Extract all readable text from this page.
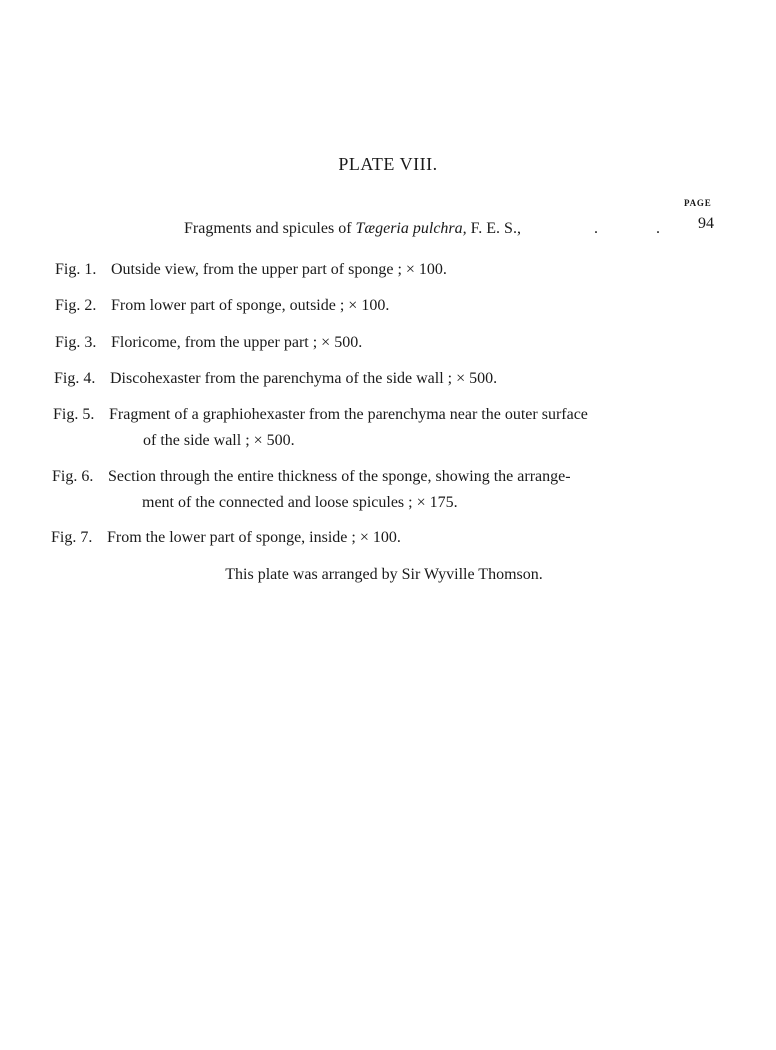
PLATE VIII.
PAGE
Fragments and spicules of Tægeria pulchra, F. E. S.,	.	. 94
Fig. 1. Outside view, from the upper part of sponge ; × 100.
Fig. 2. From lower part of sponge, outside ; × 100.
Fig. 3. Floricome, from the upper part ; × 500.
Fig. 4. Discohexaster from the parenchyma of the side wall ; × 500.
Fig. 5. Fragment of a graphiohexaster from the parenchyma near the outer surface
of the side wall ; × 500.
Fig. 6. Section through the entire thickness of the sponge, showing the arrange-
ment of the connected and loose spicules ; × 175.
Fig. 7. From the lower part of sponge, inside ; × 100.
This plate was arranged by Sir Wyville Thomson.
